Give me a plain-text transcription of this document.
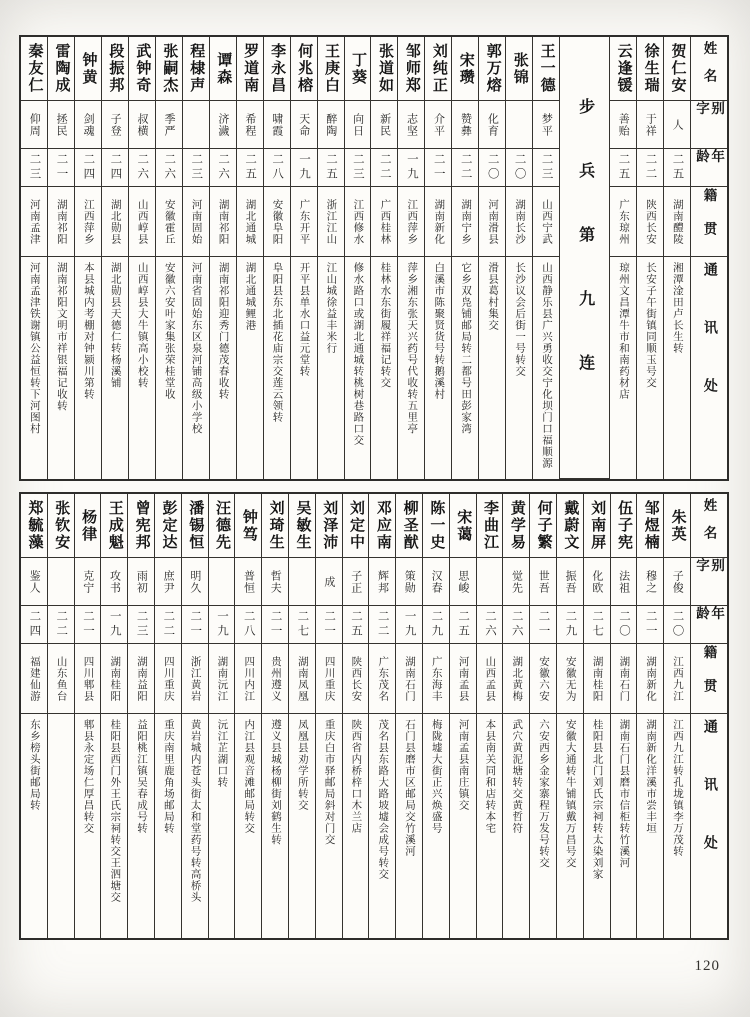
姓名
别字
年龄
籍贯
通讯处
贺仁安
人
二五
湖南醴陵
湘潭淦田卢长生转
徐生瑞
于祥
二二
陕西长安
长安子午街镇同顺玉号交
云逢锾
善贻
二五
广东琼州
琼州文昌潭牛市和南药材店
步兵第九连
王一德
梦平
二三
山西宁武
山西静乐县广兴勇收交宁化坝门口福顺源
张锦
二〇
湖南长沙
长沙议会后街一号转交
郭万熔
化育
二〇
河南滑县
滑县葛村集交
宋瓒
赞彝
二二
湖南宁乡
它乡双凫铺邮局转二都号田彭家湾
刘纯正
介平
二一
湖南新化
白溪市陈聚贤货号转鹅溪村
邹师郑
志坚
一九
江西萍乡
萍乡湘东张天兴药号代收转五里亭
张道如
新民
二二
广西桂林
桂林水东街履祥福记转交
丁葵
向日
二三
江西修水
修水路口或湖北通城转桃树巷路口交
王庚白
醉陶
二五
浙江江山
江山城徐益丰米行
何兆榕
天命
一九
广东开平
开平县单水口益元堂转
李永昌
啸霞
二八
安徽阜阳
阜阳县东北插花庙宗交莲云领转
罗道南
希程
二五
湖北通城
湖北通城鲤港
谭森
济濊
二六
湖南祁阳
湖南祁阳迎秀门德茂春收转
程棣声
二三
河南固始
河南省固始东区泉河铺高级小学校
张嗣杰
季严
二六
安徽霍丘
安徽六安叶家集张荣桂堂收
武钟奇
叔横
二六
山西崞县
山西崞县大牛镇高小校转
段振邦
子登
二四
湖北勋县
湖北勋县天德仁转杨溪铺
钟黄
剑魂
二四
江西萍乡
本县城内考棚对钟颍川第转
雷陶成
拯民
二一
湖南祁阳
湖南祁阳文明市祥银福记收转
秦友仁
仰周
二三
河南孟津
河南孟津铁谢镇公益恒转下河图村
姓名
别字
年龄
籍贯
通讯处
朱英
子俊
二〇
江西九江
江西九江转孔垅镇李万茂转
邹煜楠
穆之
二一
湖南新化
湖南新化洋溪市尝丰垣
伍子宪
法祖
二〇
湖南石门
湖南石门县磨市信柜转竹溪河
刘南屏
化欧
二七
湖南桂阳
桂阳县北门刘氏宗祠转太染刘家
戴蔚文
振吾
二九
安徽无为
安徽大通转牛铺镇戴万昌号交
何子繁
世吾
二一
安徽六安
六安西乡金家寨程万发号转交
黄学易
觉先
二六
湖北黄梅
武穴黄泥塘转交黄哲符
李曲江
二六
山西孟县
本县南关同和店转本宅
宋蔼
思峻
二五
河南孟县
河南孟县南庄镇交
陈一史
汉春
二九
广东海丰
梅陇墟大街正兴焕盛号
柳圣猷
策勋
一九
湖南石门
石门县磨市区邮局交竹溪河
邓应南
辉邦
二二
广东茂名
茂名县东路大路坡墟会成号转交
刘定中
子正
二五
陕西长安
陕西省内桥梓口木兰店
刘泽沛
成
二一
四川重庆
重庆白市驿邮局斜对门交
吴敏生
二七
湖南凤凰
凤凰县劝学所转交
刘琦生
哲夫
二一
贵州遵义
遵义县城杨柳街刘鹤生转
钟笃
普恒
二八
四川内江
内江县观音滩邮局转交
汪德先
一九
湖南沅江
沅江芷湖口转
潘锡恒
明久
二一
浙江黄岩
黄岩城内苍头街太和堂药号转高桥头
彭定达
庶尹
二二
四川重庆
重庆南里鹿角场邮局转
曾宪邦
雨初
二三
湖南益阳
益阳桃江镇吴春成号转
王成魁
攻书
一九
湖南桂阳
桂阳县西门外王氏宗祠转交王泗塘交
杨律
克宁
二一
四川郫县
郫县永定场仁厚昌转交
张钦安
二二
山东鱼台
郑毓藻
鉴人
二四
福建仙游
东乡榜头街邮局转
120
